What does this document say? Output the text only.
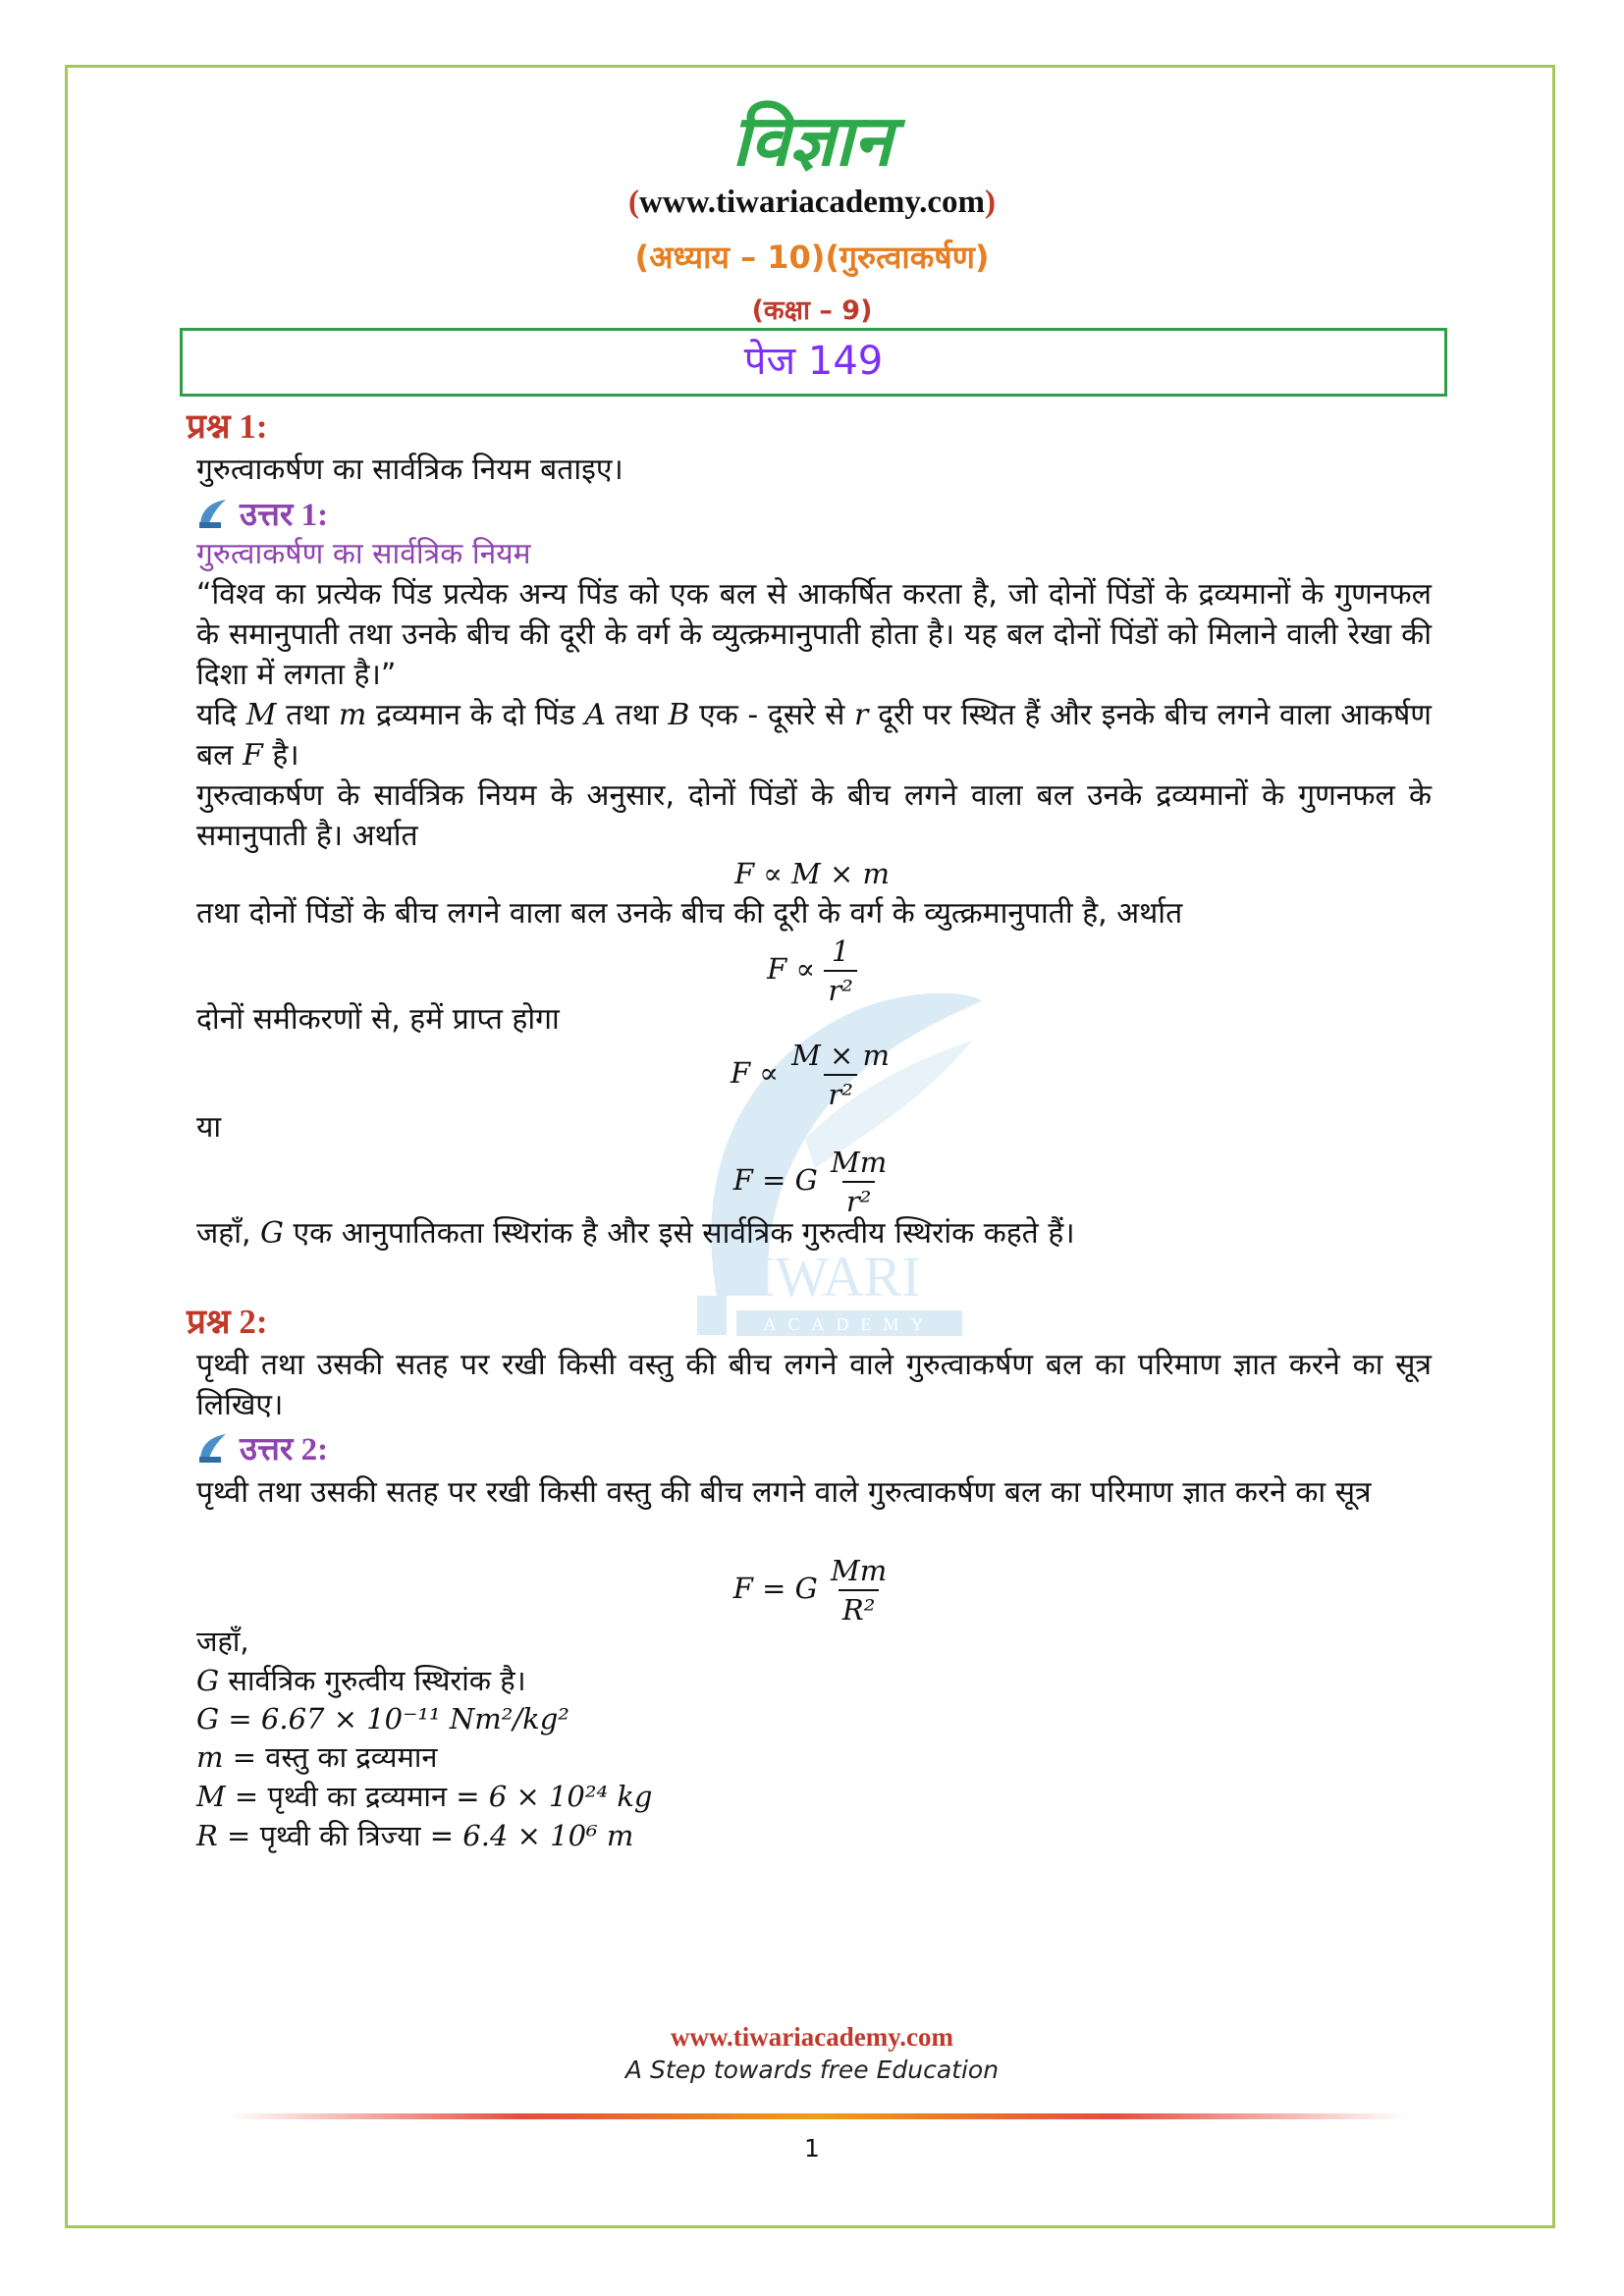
IWARI
ACADEMY
विज्ञान
(www.tiwariacademy.com)
(अध्याय – 10)(गुरुत्वाकर्षण)
(कक्षा – 9)
पेज 149
प्रश्न 1:
गुरुत्वाकर्षण का सार्वत्रिक नियम बताइए।
उत्तर 1:
गुरुत्वाकर्षण का सार्वत्रिक नियम
“विश्व का प्रत्येक पिंड प्रत्येक अन्य पिंड को एक बल से आकर्षित करता है, जो दोनों पिंडों के द्रव्यमानों के गुणनफल के समानुपाती तथा उनके बीच की दूरी के वर्ग के व्युत्क्रमानुपाती होता है। यह बल दोनों पिंडों को मिलाने वाली रेखा की दिशा में लगता है।”
यदि M तथा m द्रव्यमान के दो पिंड A तथा B एक - दूसरे से r दूरी पर स्थित हैं और इनके बीच लगने वाला आकर्षण बल F है।
गुरुत्वाकर्षण के सार्वत्रिक नियम के अनुसार, दोनों पिंडों के बीच लगने वाला बल उनके द्रव्यमानों के गुणनफल के समानुपाती है। अर्थात
F ∝ M × m
तथा दोनों पिंडों के बीच लगने वाला बल उनके बीच की दूरी के वर्ग के व्युत्क्रमानुपाती है, अर्थात
$F \propto \frac{1}{\text{r²}}$
दोनों समीकरणों से, हमें प्राप्त होगा
$F \propto \frac{M \times m}{\text{r²}}$
या
F = G $\frac{Mm}{\text{r²}}$
जहाँ, G एक आनुपातिकता स्थिरांक है और इसे सार्वत्रिक गुरुत्वीय स्थिरांक कहते हैं।
प्रश्न 2:
पृथ्वी तथा उसकी सतह पर रखी किसी वस्तु की बीच लगने वाले गुरुत्वाकर्षण बल का परिमाण ज्ञात करने का सूत्र लिखिए।
उत्तर 2:
पृथ्वी तथा उसकी सतह पर रखी किसी वस्तु की बीच लगने वाले गुरुत्वाकर्षण बल का परिमाण ज्ञात करने का सूत्र
F = G $\frac{Mm}{\text{R²}}$
जहाँ,
G सार्वत्रिक गुरुत्वीय स्थिरांक है।
G = 6.67 × 10⁻¹¹ Nm²/kg²
m = वस्तु का द्रव्यमान
M = पृथ्वी का द्रव्यमान = 6 × 10²⁴ kg
R = पृथ्वी की त्रिज्या = 6.4 × 10⁶ m
www.tiwariacademy.com
A Step towards free Education
1
